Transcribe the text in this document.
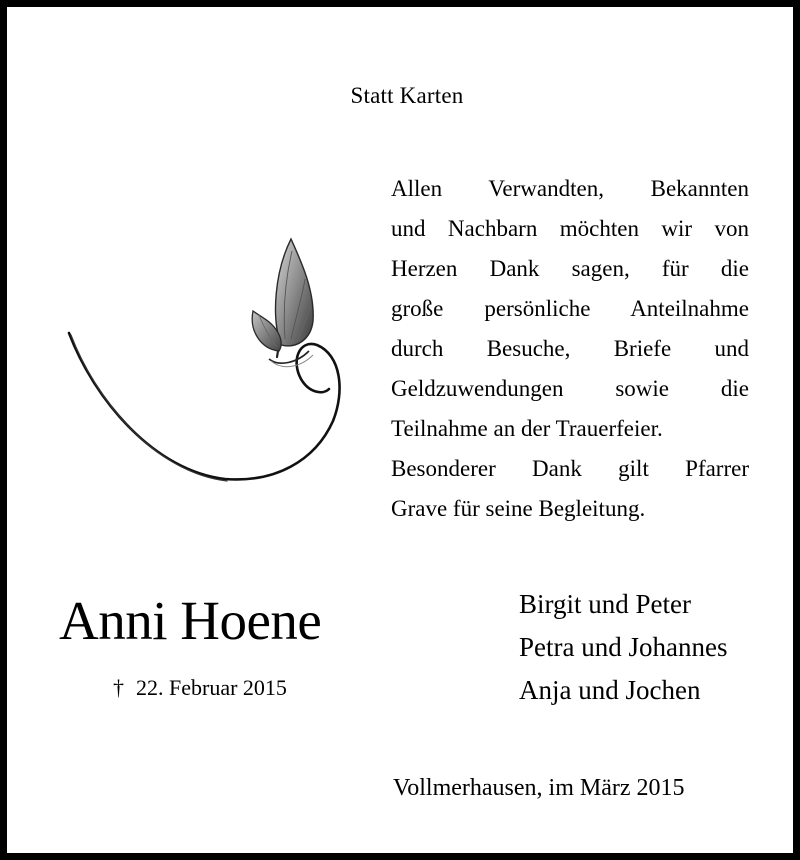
Statt Karten
Allen Verwandten, Bekannten
und Nachbarn möchten wir von
Herzen Dank sagen, für die
große persönliche Anteilnahme
durch Besuche, Briefe und
Geldzuwendungen sowie die
Teilnahme an der Trauerfeier.
Besonderer Dank gilt Pfarrer
Grave für seine Begleitung.
Anni Hoene
† 22. Februar 2015
Birgit und Peter
Petra und Johannes
Anja und Jochen
Vollmerhausen, im März 2015
